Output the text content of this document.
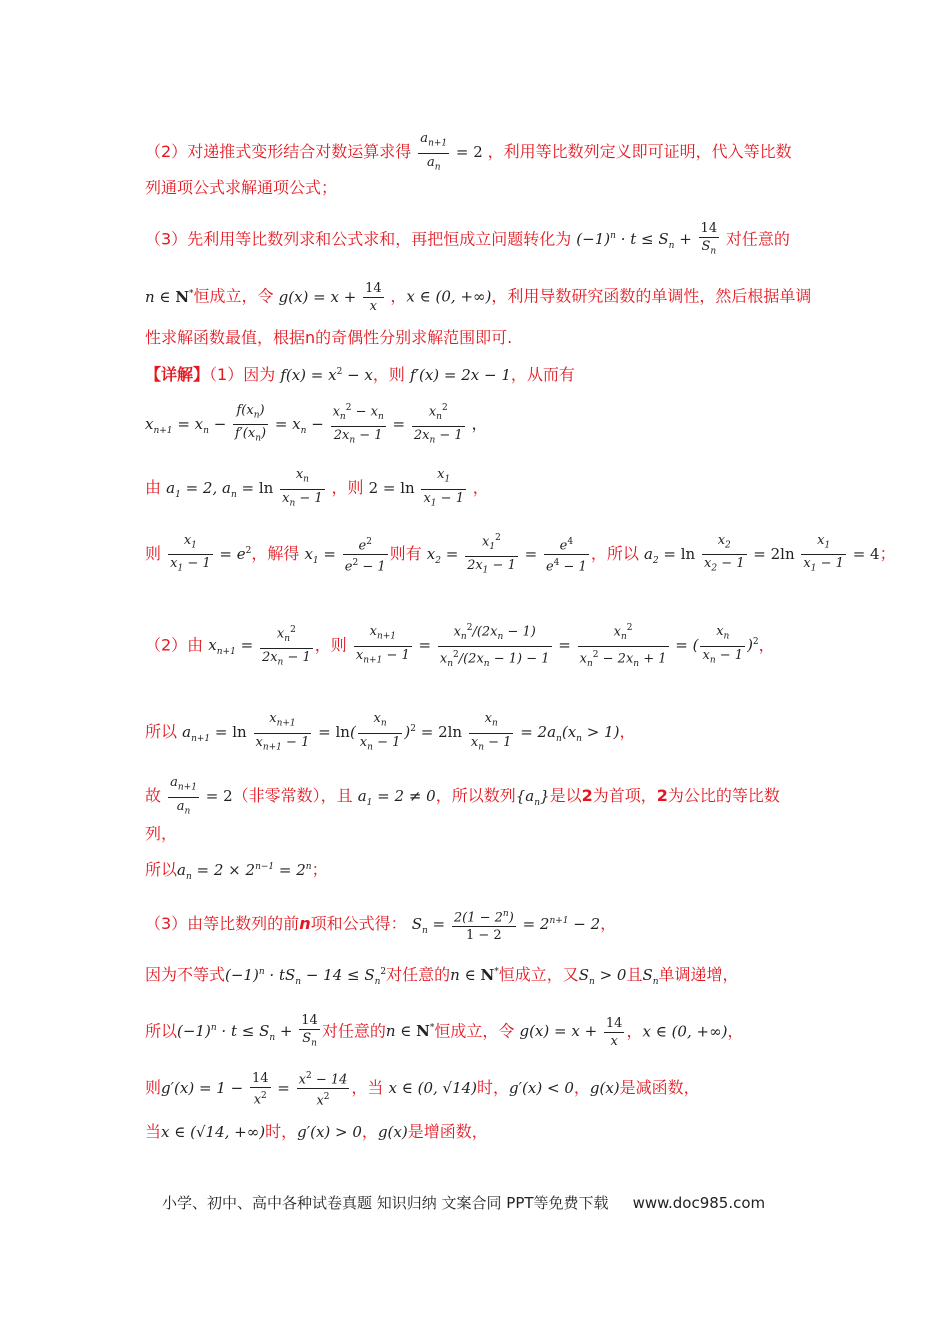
（2）对递推式变形结合对数运算求得 $\frac{a_{n+1}}{a_n} = 2$ ，利用等比数列定义即可证明，代入等比数
列通项公式求解通项公式；
（3）先利用等比数列求和公式求和，再把恒成立问题转化为 $(-1)^n \cdot t \le S_n + \frac{14}{S_n}$ 对任意的
n ∈ N*恒成立，令 $g(x) = x + \frac{14}{x}$ ，x ∈ (0, +∞)，利用导数研究函数的单调性，然后根据单调
性求解函数最值，根据n的奇偶性分别求解范围即可.
【详解】（1）因为 $f(x) = x^2 - x$，则 f′(x) = 2x − 1，从而有
$x_{n+1} = x_n - \frac{f(x_n)}{f'(x_n)} = x_n - \frac{x_n^2 - x_n}{2x_n - 1} = \frac{x_n^2}{2x_n - 1}$ ，
由 $a_1 = 2$, $a_n = \ln \frac{x_n}{x_n - 1}$ ，则 $2 = \ln \frac{x_1}{x_1 - 1}$ ，
则 $\frac{x_1}{x_1 - 1} = e^2$，解得 $x_1 = \frac{e^2}{e^2 - 1}$ 则有 $x_2 = \frac{x_1^2}{2x_1 - 1} = \frac{e^4}{e^4 - 1}$ ，所以 $a_2 = \ln \frac{x_2}{x_2 - 1} = 2\ln \frac{x_1}{x_1 - 1} = 4$；
（2）由 $x_{n+1} = \frac{x_n^2}{2x_n - 1}$ ，则 $\frac{x_{n+1}}{x_{n+1} - 1} = \frac{x_n^2/(2x_n - 1)}{x_n^2/(2x_n - 1) - 1} = \frac{x_n^2}{x_n^2 - 2x_n + 1}$ = ( $\frac{x_n}{x_n - 1} )^2$，
所以 $a_{n+1} = \ln \frac{x_{n+1}}{x_{n+1} - 1} = \ln( \frac{x_n}{x_n - 1} )^2 = 2\ln \frac{x_n}{x_n - 1} = 2a_n(x_n > 1)$，
故 $\frac{a_{n+1}}{a_n} = 2$（非零常数），且 $a_1 = 2 \ne 0$，所以数列$\{a_n\}$是以2为首项，2为公比的等比数
列，
所以$a_n = 2 \times 2^{n-1} = 2^n$；
（3）由等比数列的前n项和公式得： $S_n = \frac{2(1 - 2^n)}{1 - 2} = 2^{n+1} - 2$，
因为不等式$(-1)^n \cdot tS_n - 14 \le S_n^2$对任意的n ∈ N*恒成立，又$S_n > 0$且$S_n$单调递增，
所以$(-1)^n \cdot t \le S_n + \frac{14}{S_n}$ 对任意的n ∈ N*恒成立，令 $g(x) = x + \frac{14}{x}$ ，x ∈ (0, +∞)，
则$g'(x) = 1 - \frac{14}{x^2} = \frac{x^2 - 14}{x^2}$ ，当 x ∈ (0, √14)时，g′(x) < 0，g(x)是减函数，
当x ∈ (√14, +∞)时，g′(x) > 0，g(x)是增函数，
小学、初中、高中各种试卷真题 知识归纳 文案合同 PPT等免费下载 www.doc985.com
